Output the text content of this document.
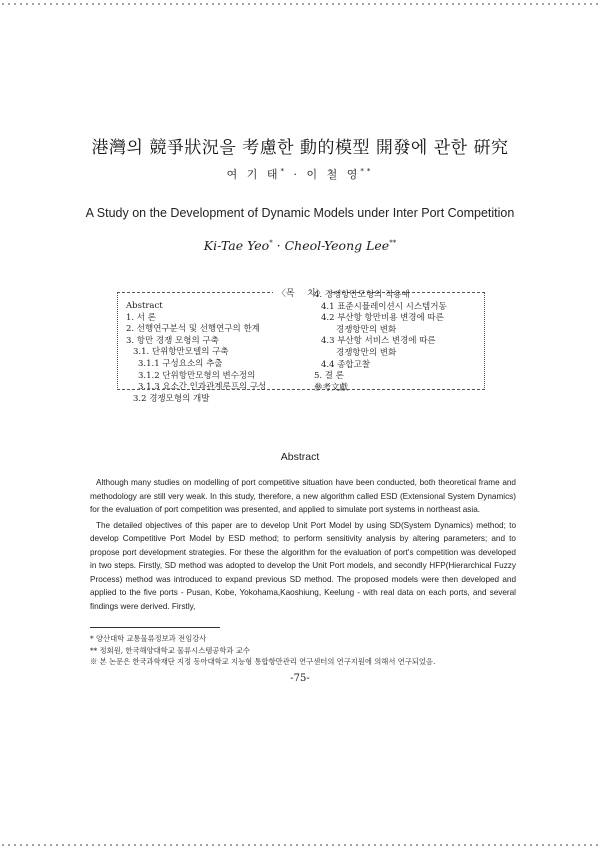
港灣의 競爭狀況을 考慮한 動的模型 開發에 관한 硏究
여 기 태* · 이 철 영**
A Study on the Development of Dynamic Models under Inter Port Competition
Ki-Tae Yeo* · Cheol-Yeong Lee**
〈목 차〉
Abstract
1. 서 론
2. 선행연구분석 및 선행연구의 한계
3. 항만 경쟁 모형의 구축
3.1. 단위항만모델의 구축
3.1.1 구성요소의 추출
3.1.2 단위항만모형의 변수정의
3.1.3 요소간 인과관계루프의 구성
3.2 경쟁모형의 개발
4. 경쟁항만모형의 적용예
4.1 표준시뮬레이션시 시스템거동
4.2 부산항 항만비용 변경에 따른
경쟁항만의 변화
4.3 부산항 서비스 변경에 따른
경쟁항만의 변화
4.4 종합고찰
5. 결 론
參考文獻
Abstract

Although many studies on modelling of port competitive situation have been conducted, both theoretical frame and methodology are still very weak. In this study, therefore, a new algorithm called ESD (Extensional System Dynamics) for the evaluation of port competition was presented, and applied to simulate port systems in northeast asia.

The detailed objectives of this paper are to develop Unit Port Model by using SD(System Dynamics) method; to develop Competitive Port Model by ESD method; to perform sensitivity analysis by altering parameters; and to propose port development strategies. For these the algorithm for the evaluation of port's competition was developed in two steps. Firstly, SD method was adopted to develop the Unit Port models, and secondly HFP(Hierarchical Fuzzy Process) method was introduced to expand previous SD method. The proposed models were then developed and applied to the five ports - Pusan, Kobe, Yokohama,Kaoshiung, Keelung - with real data on each ports, and several findings were derived. Firstly,

* 양산대학 교통물류정보과 전임강사
** 정회원, 한국해양대학교 물류시스템공학과 교수
※ 본 논문은 한국과학재단 지정 동아대학교 지능형 통합항만관리 연구센터의 연구지원에 의해서 연구되었음.
-75-
